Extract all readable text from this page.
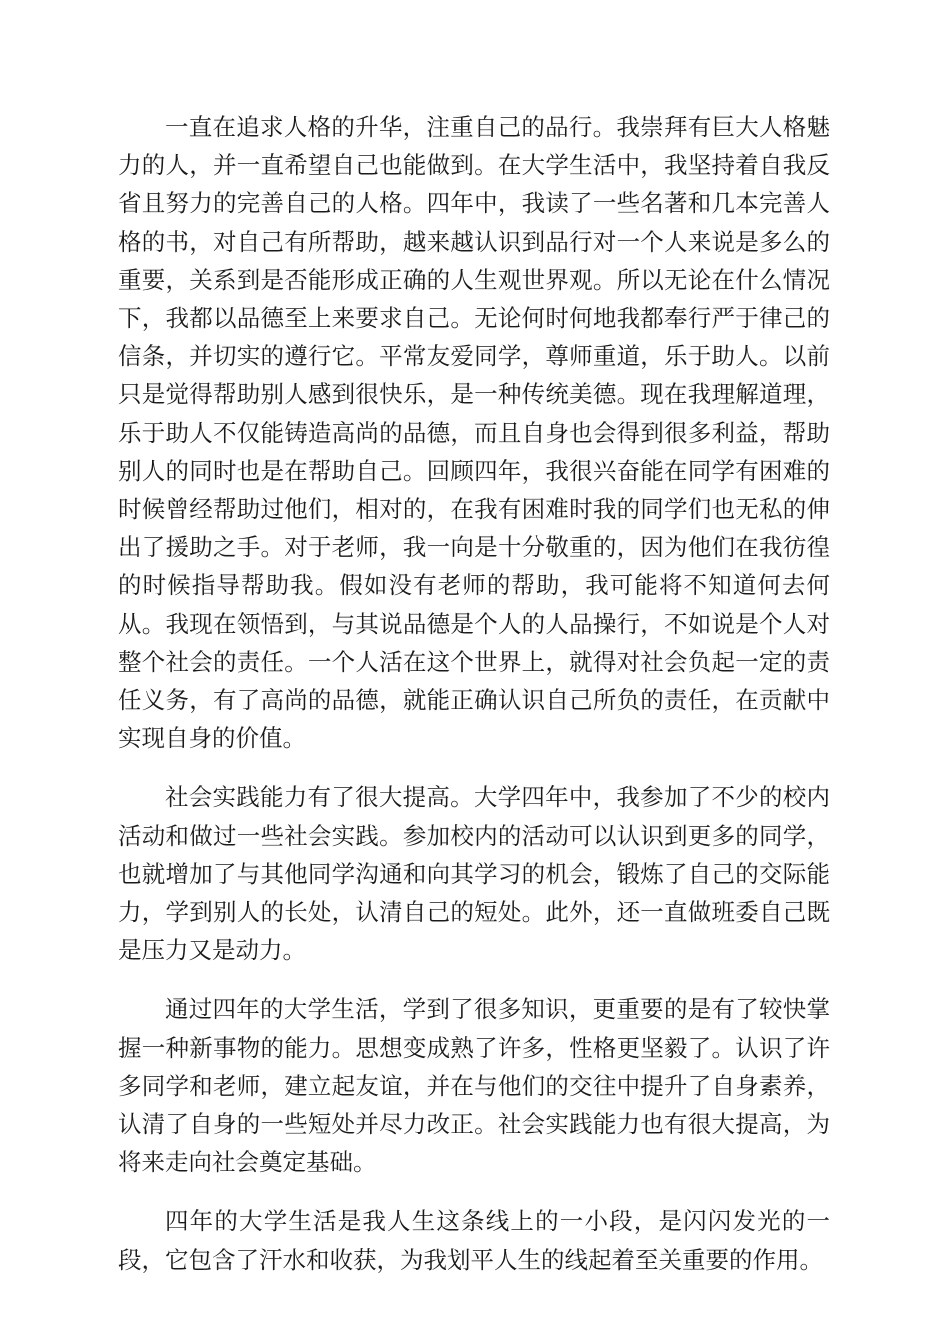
一直在追求人格的升华，注重自己的品行。我崇拜有巨大人格魅力的人，并一直希望自己也能做到。在大学生活中，我坚持着自我反省且努力的完善自己的人格。四年中，我读了一些名著和几本完善人格的书，对自己有所帮助，越来越认识到品行对一个人来说是多么的重要，关系到是否能形成正确的人生观世界观。所以无论在什么情况下，我都以品德至上来要求自己。无论何时何地我都奉行严于律己的信条，并切实的遵行它。平常友爱同学，尊师重道，乐于助人。以前只是觉得帮助别人感到很快乐，是一种传统美德。现在我理解道理，乐于助人不仅能铸造高尚的品德，而且自身也会得到很多利益，帮助别人的同时也是在帮助自己。回顾四年，我很兴奋能在同学有困难的时候曾经帮助过他们，相对的，在我有困难时我的同学们也无私的伸出了援助之手。对于老师，我一向是十分敬重的，因为他们在我彷徨的时候指导帮助我。假如没有老师的帮助，我可能将不知道何去何从。我现在领悟到，与其说品德是个人的人品操行，不如说是个人对整个社会的责任。一个人活在这个世界上，就得对社会负起一定的责任义务，有了高尚的品德，就能正确认识自己所负的责任，在贡献中实现自身的价值。

社会实践能力有了很大提高。大学四年中，我参加了不少的校内活动和做过一些社会实践。参加校内的活动可以认识到更多的同学，也就增加了与其他同学沟通和向其学习的机会，锻炼了自己的交际能力，学到别人的长处，认清自己的短处。此外，还一直做班委自己既是压力又是动力。

通过四年的大学生活，学到了很多知识，更重要的是有了较快掌握一种新事物的能力。思想变成熟了许多，性格更坚毅了。认识了许多同学和老师，建立起友谊，并在与他们的交往中提升了自身素养，认清了自身的一些短处并尽力改正。社会实践能力也有很大提高，为将来走向社会奠定基础。

四年的大学生活是我人生这条线上的一小段，是闪闪发光的一段，它包含了汗水和收获，为我划平人生的线起着至关重要的作用。
